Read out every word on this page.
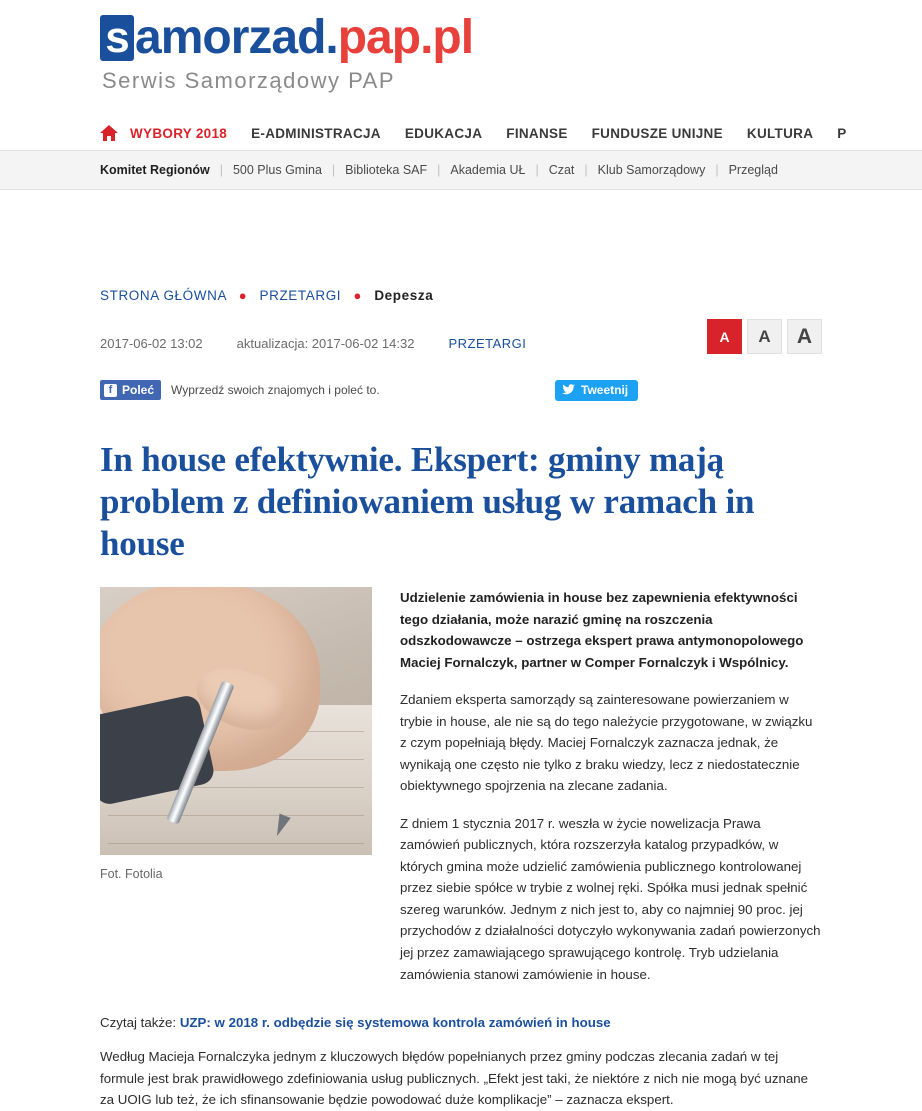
s amorzad . pap.pl
Serwis Samorządowy PAP
WYBORY 2018 E-ADMINISTRACJA EDUKACJA FINANSE FUNDUSZE UNIJNE KULTURA P
Komitet Regionów | 500 Plus Gmina | Biblioteka SAF | Akademia UŁ | Czat | Klub Samorządowy | Przegląd
STRONA GŁÓWNA ● PRZETARGI ● Depesza
2017-06-02 13:02	aktualizacja: 2017-06-02 14:32	PRZETARGI	A	A	A
f Poleć Wyprzedź swoich znajomych i poleć to.	Tweetnij
In house efektywnie. Ekspert: gminy mają problem z definiowaniem usług w ramach in house
Fot. Fotolia

Udzielenie zamówienia in house bez zapewnienia efektywności tego działania, może narazić gminę na roszczenia odszkodowawcze – ostrzega ekspert prawa antymonopolowego Maciej Fornalczyk, partner w Comper Fornalczyk i Wspólnicy.

Zdaniem eksperta samorządy są zainteresowane powierzaniem w trybie in house, ale nie są do tego należycie przygotowane, w związku z czym popełniają błędy. Maciej Fornalczyk zaznacza jednak, że wynikają one często nie tylko z braku wiedzy, lecz z niedostatecznie obiektywnego spojrzenia na zlecane zadania.

Z dniem 1 stycznia 2017 r. weszła w życie nowelizacja Prawa zamówień publicznych, która rozszerzyła katalog przypadków, w których gmina może udzielić zamówienia publicznego kontrolowanej przez siebie spółce w trybie z wolnej ręki. Spółka musi jednak spełnić szereg warunków. Jednym z nich jest to, aby co najmniej 90 proc. jej przychodów z działalności dotyczyło wykonywania zadań powierzonych jej przez zamawiającego sprawującego kontrolę. Tryb udzielania zamówienia stanowi zamówienie in house.

Czytaj także: UZP: w 2018 r. odbędzie się systemowa kontrola zamówień in house

Według Macieja Fornalczyka jednym z kluczowych błędów popełnianych przez gminy podczas zlecania zadań w tej formule jest brak prawidłowego zdefiniowania usług publicznych. „Efekt jest taki, że niektóre z nich nie mogą być uznane za UOIG lub też, że ich sfinansowanie będzie powodować duże komplikacje” – zaznacza ekspert.
